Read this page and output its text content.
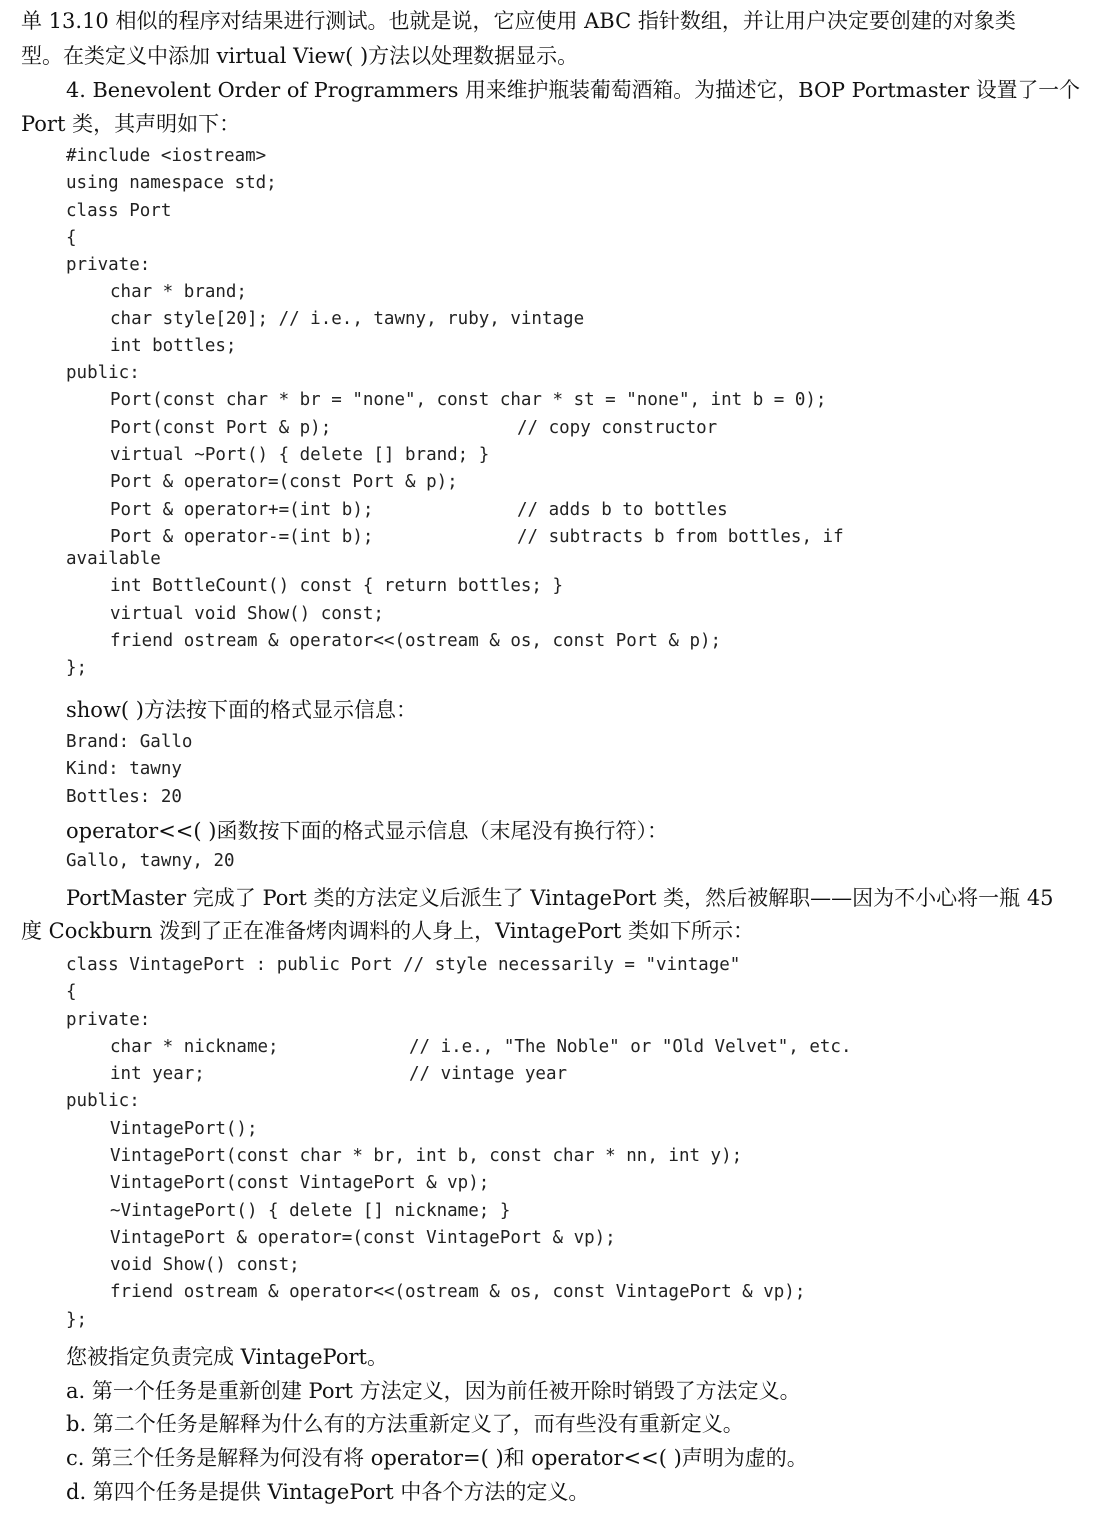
单 13.10 相似的程序对结果进行测试。也就是说，它应使用 ABC 指针数组，并让用户决定要创建的对象类
型。在类定义中添加 virtual View( )方法以处理数据显示。
4. Benevolent Order of Programmers 用来维护瓶装葡萄酒箱。为描述它，BOP Portmaster 设置了一个
Port 类，其声明如下：
#include <iostream>
using namespace std;
class Port
{
private:
char * brand;
char style[20]; // i.e., tawny, ruby, vintage
int bottles;
public:
Port(const char * br = "none", const char * st = "none", int b = 0);
Port(const Port & p);	// copy constructor
virtual ~Port() { delete [] brand; }
Port & operator=(const Port & p);
Port & operator+=(int b);	// adds b to bottles
Port & operator-=(int b);	// subtracts b from bottles, if
available
int BottleCount() const { return bottles; }
virtual void Show() const;
friend ostream & operator<<(ostream & os, const Port & p);
};
show( )方法按下面的格式显示信息：
Brand: Gallo
Kind: tawny
Bottles: 20
operator<<( )函数按下面的格式显示信息（末尾没有换行符）：
Gallo, tawny, 20
PortMaster 完成了 Port 类的方法定义后派生了 VintagePort 类，然后被解职——因为不小心将一瓶 45
度 Cockburn 泼到了正在准备烤肉调料的人身上，VintagePort 类如下所示：
class VintagePort : public Port // style necessarily = "vintage"
{
private:
char * nickname;	// i.e., "The Noble" or "Old Velvet", etc.
int year;	// vintage year
public:
VintagePort();
VintagePort(const char * br, int b, const char * nn, int y);
VintagePort(const VintagePort & vp);
~VintagePort() { delete [] nickname; }
VintagePort & operator=(const VintagePort & vp);
void Show() const;
friend ostream & operator<<(ostream & os, const VintagePort & vp);
};
您被指定负责完成 VintagePort。
a. 第一个任务是重新创建 Port 方法定义，因为前任被开除时销毁了方法定义。
b. 第二个任务是解释为什么有的方法重新定义了，而有些没有重新定义。
c. 第三个任务是解释为何没有将 operator=( )和 operator<<( )声明为虚的。
d. 第四个任务是提供 VintagePort 中各个方法的定义。
